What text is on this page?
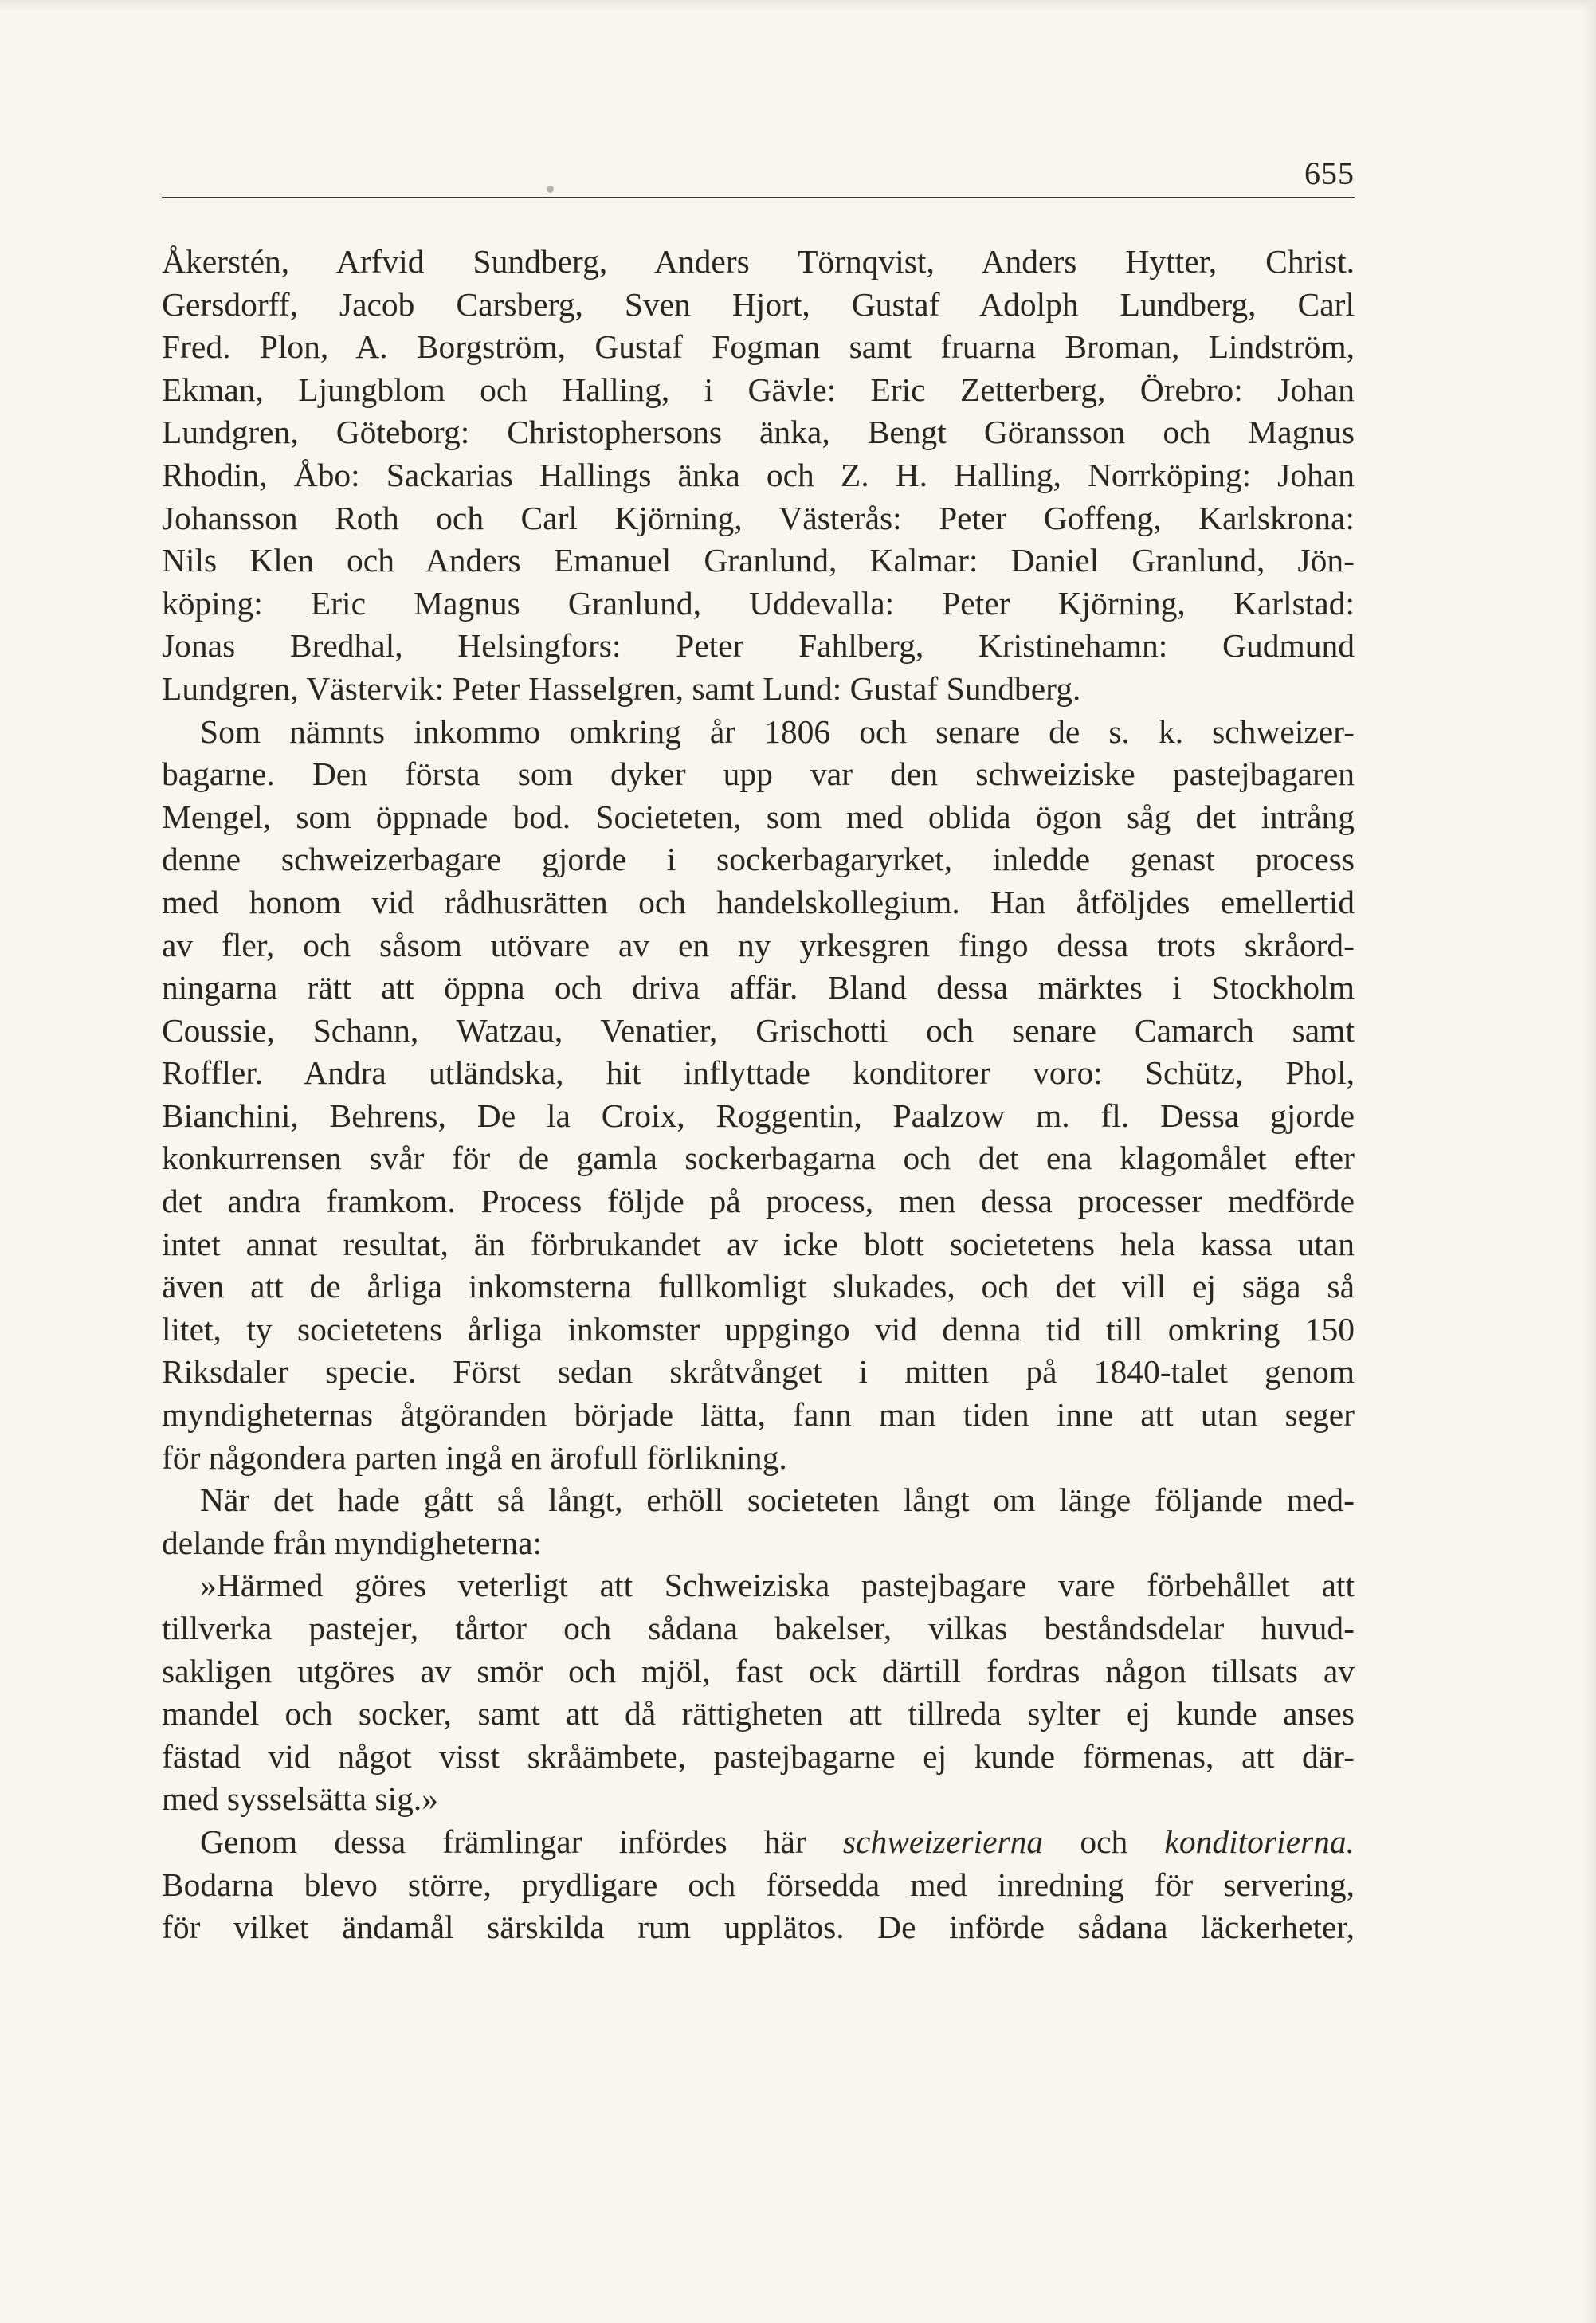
655
Åkerstén, Arfvid Sundberg, Anders Törnqvist, Anders Hytter, Christ.
Gersdorff, Jacob Carsberg, Sven Hjort, Gustaf Adolph Lundberg, Carl
Fred. Plon, A. Borgström, Gustaf Fogman samt fruarna Broman, Lindström,
Ekman, Ljungblom och Halling, i Gävle: Eric Zetterberg, Örebro: Johan
Lundgren, Göteborg: Christophersons änka, Bengt Göransson och Magnus
Rhodin, Åbo: Sackarias Hallings änka och Z. H. Halling, Norrköping: Johan
Johansson Roth och Carl Kjörning, Västerås: Peter Goffeng, Karlskrona:
Nils Klen och Anders Emanuel Granlund, Kalmar: Daniel Granlund, Jön-
köping: Eric Magnus Granlund, Uddevalla: Peter Kjörning, Karlstad:
Jonas Bredhal, Helsingfors: Peter Fahlberg, Kristinehamn: Gudmund
Lundgren, Västervik: Peter Hasselgren, samt Lund: Gustaf Sundberg.
Som nämnts inkommo omkring år 1806 och senare de s. k. schweizer-
bagarne. Den första som dyker upp var den schweiziske pastejbagaren
Mengel, som öppnade bod. Societeten, som med oblida ögon såg det intrång
denne schweizerbagare gjorde i sockerbagaryrket, inledde genast process
med honom vid rådhusrätten och handelskollegium. Han åtföljdes emellertid
av fler, och såsom utövare av en ny yrkesgren fingo dessa trots skråord-
ningarna rätt att öppna och driva affär. Bland dessa märktes i Stockholm
Coussie, Schann, Watzau, Venatier, Grischotti och senare Camarch samt
Roffler. Andra utländska, hit inflyttade konditorer voro: Schütz, Phol,
Bianchini, Behrens, De la Croix, Roggentin, Paalzow m. fl. Dessa gjorde
konkurrensen svår för de gamla sockerbagarna och det ena klagomålet efter
det andra framkom. Process följde på process, men dessa processer medförde
intet annat resultat, än förbrukandet av icke blott societetens hela kassa utan
även att de årliga inkomsterna fullkomligt slukades, och det vill ej säga så
litet, ty societetens årliga inkomster uppgingo vid denna tid till omkring 150
Riksdaler specie. Först sedan skråtvånget i mitten på 1840-talet genom
myndigheternas åtgöranden började lätta, fann man tiden inne att utan seger
för någondera parten ingå en ärofull förlikning.
När det hade gått så långt, erhöll societeten långt om länge följande med-
delande från myndigheterna:
»Härmed göres veterligt att Schweiziska pastejbagare vare förbehållet att
tillverka pastejer, tårtor och sådana bakelser, vilkas beståndsdelar huvud-
sakligen utgöres av smör och mjöl, fast ock därtill fordras någon tillsats av
mandel och socker, samt att då rättigheten att tillreda sylter ej kunde anses
fästad vid något visst skråämbete, pastejbagarne ej kunde förmenas, att där-
med sysselsätta sig.»
Genom dessa främlingar infördes här schweizerierna och konditorierna.
Bodarna blevo större, prydligare och försedda med inredning för servering,
för vilket ändamål särskilda rum upplätos. De införde sådana läckerheter,
